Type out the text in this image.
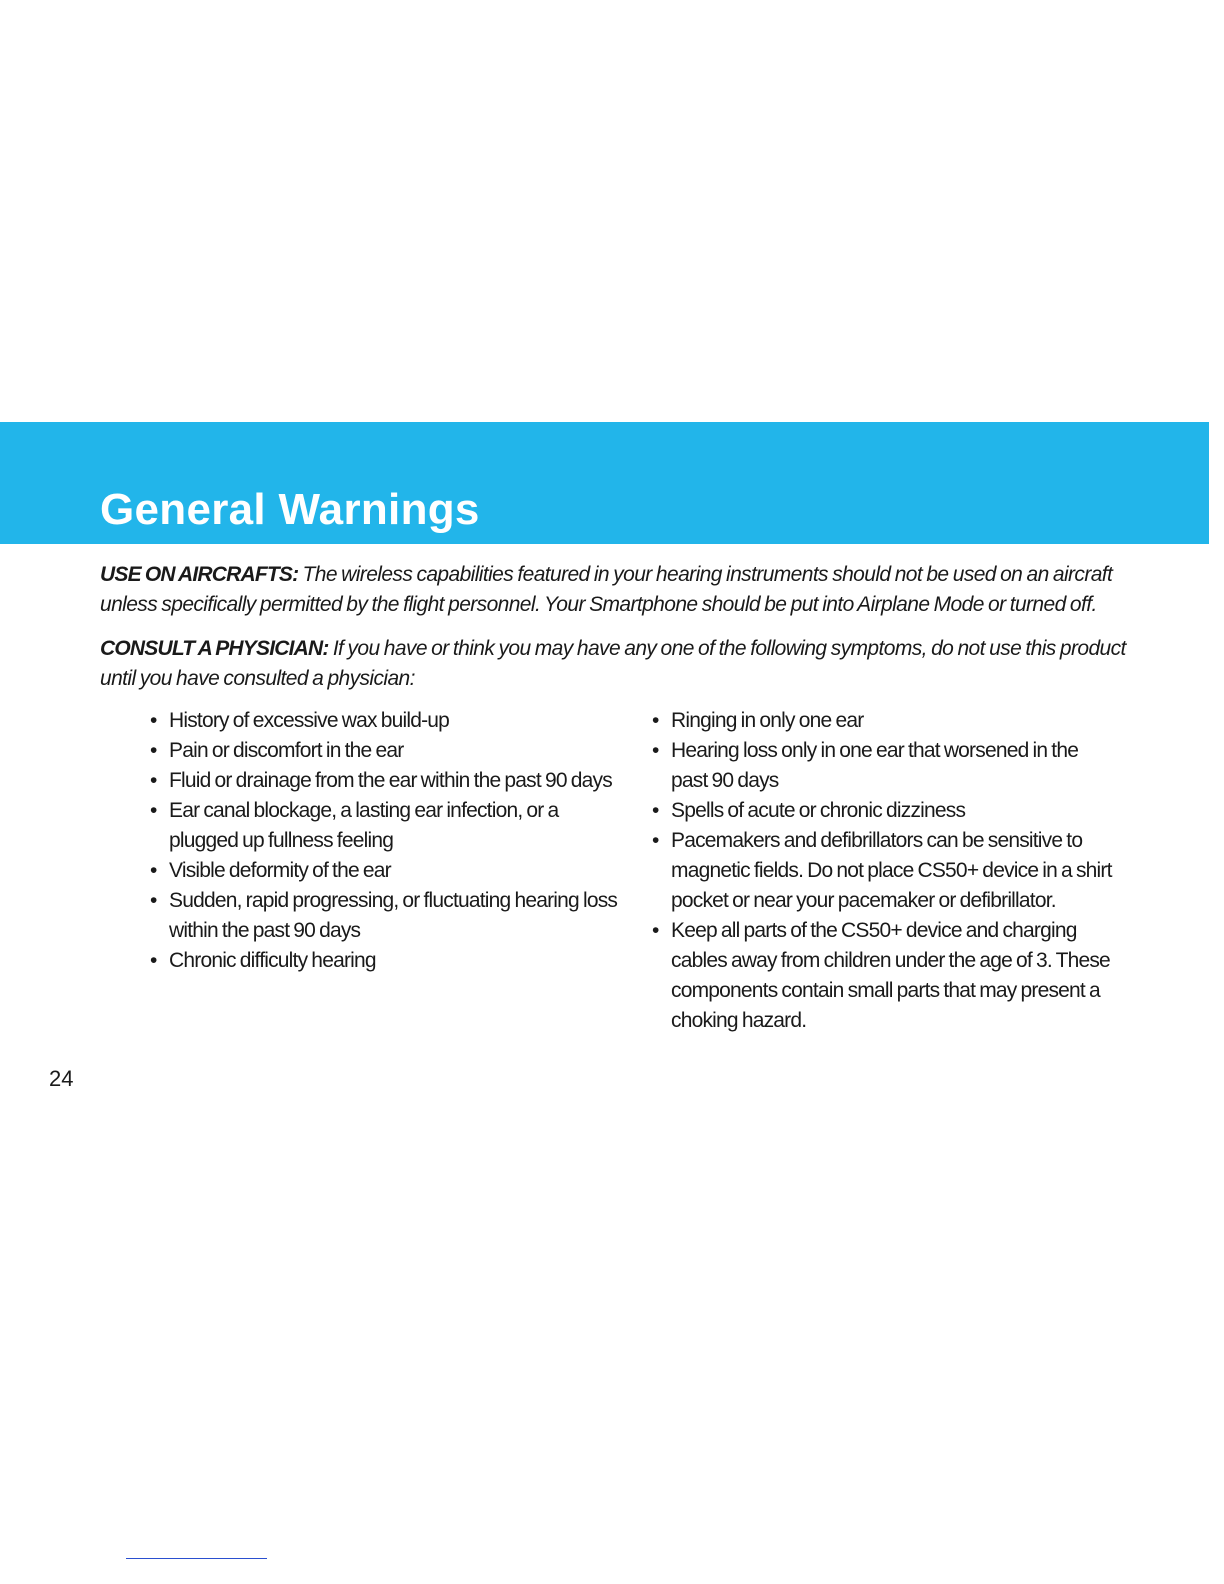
General Warnings

USE ON AIRCRAFTS: The wireless capabilities featured in your hearing instruments should not be used on an aircraft unless specifically permitted by the flight personnel. Your Smartphone should be put into Airplane Mode or turned off.

CONSULT A PHYSICIAN: If you have or think you may have any one of the following symptoms, do not use this product until you have consulted a physician:

• History of excessive wax build-up
• Pain or discomfort in the ear
• Fluid or drainage from the ear within the past 90 days
• Ear canal blockage, a lasting ear infection, or a plugged up fullness feeling
• Visible deformity of the ear
• Sudden, rapid progressing, or fluctuating hearing loss within the past 90 days
• Chronic difficulty hearing
• Ringing in only one ear
• Hearing loss only in one ear that worsened in the past 90 days
• Spells of acute or chronic dizziness
• Pacemakers and defibrillators can be sensitive to magnetic fields. Do not place CS50+ device in a shirt pocket or near your pacemaker or defibrillator.
• Keep all parts of the CS50+ device and charging cables away from children under the age of 3. These components contain small parts that may present a choking hazard.
24
